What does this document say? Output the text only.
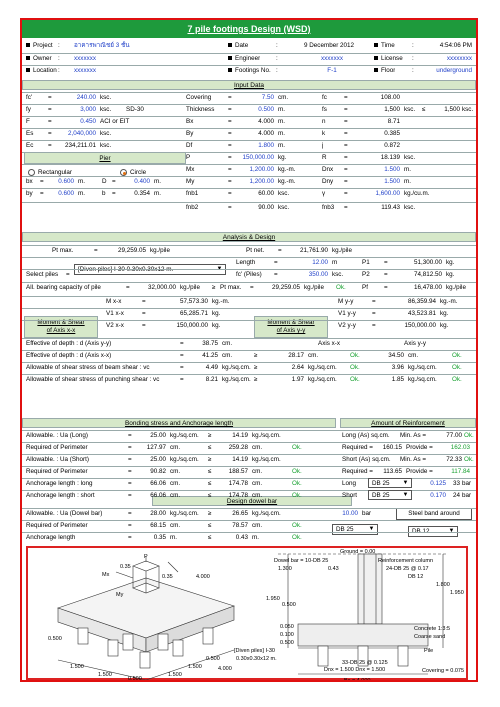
7 pile footings Design (WSD)
Project : อาคารพาณิชย์ 3 ชั้น	Date	:	9 December 2012	Time	:	4:54:06 PM
Owner : xxxxxxx	Engineer	:	xxxxxxx	License :	xxxxxxxx
Location : xxxxxxx	Footings No. :	F-1	Floor	:	underground
Input Data
Pier
Rectangular	Circle
Analysis & Design
[Diven piles] I-30 0.30x0.30x12 m.	▼
Moment & Shear
of Axis x-x
Moment & Shear
of Axis y-y
Bonding stress and Anchorage length	Amount of Reinforcement
Design dowel bar
DB 25	▼
Steel band around
DB 12	▼
Mx
My
P
0.35
0.35	4.000
4.000
1.500
1.500	1.500
1.500
0.500
0.500
0.500
Ground = 0.00
Dowel bar = 10-DB 25
0.43
Reinforcement column
24-DB 25 @ 0.17
DB 12
1.300
1.950
1.800
1.950
0.500
0.050
0.100
0.500
Concrete 1:3:5
Coarse sand
Pile
[Diven piles] I-30
0.30x0.30x12 m.
33-DB 25 @ 0.125
Dnx = 1.500 Dnx = 1.500	Covering = 0.075
Bx = 4.000
Allowable bearing capacity of pile =	32,000.00 kg./pile
fc'	=	240.00 ksc.	Covering	=	7.50 cm.	fc	=	108.00
fy	=	3,000 ksc.	SD-30	Thickness	=	0.500 m.	fs	=	1,500 ksc.	≤	1,500 ksc.
F	=	0.450 ACI or EIT	Bx	=	4.000 m.	n	=	8.71
Es	=	2,040,000 ksc.	By	=	4.000 m.	k	=	0.385
Ec	=	234,211.01 ksc.	Df	=	1.800 m.	j	=	0.872
P	=	150,000.00 kg.	R	=	18.139 ksc.
Mx	=	1,200.00 kg.-m.	Dnx	=	1.500 m.
bx	=	0.600 m.	D =	0.400 m.	My	=	1,200.00 kg.-m.	Dny	=	1.500 m.
by	=	0.600 m.	b	=	0.354 m.	fnb1	=	60.00 ksc.	γ	=	1,600.00 kg./cu.m.
fnb2	=	90.00 ksc.	fnb3	=	119.43 ksc.
Pt max.	=	29,259.05 kg./pile	Pt net.	=	21,761.90 kg./pile
Length	=	12.00 m	P1	=	51,300.00 kg.
Select piles	=	fc' (Piles)	=	350.00 ksc.	P2	=	74,812.50 kg.
All. bearing capacity of pile	=	32,000.00 kg./pile	≥ Pt max.	=	29,259.05 kg./pile Ok.	Pf	=	16,478.00 kg./pile
M x-x	=	57,573.30 kg.-m.	M y-y	=	86,359.94 kg.-m.
V1 x-x	=	65,285.71 kg.	V1 y-y	=	43,523.81 kg.
V2 x-x	=	150,000.00 kg.	V2 y-y	=	150,000.00 kg.
Effective of depth : d (Axis y-y)	=	38.75 cm.	Axis x-x	Axis y-y
Effective of depth : d (Axis x-x)	=	41.25 cm.	≥	28.17 cm.	Ok.	34.50 cm.	Ok.
Allowable of shear stress of beam shear : vc	=	4.49 kg./sq.cm. ≥	2.64 kg./sq.cm.	Ok.	3.96 kg./sq.cm.	Ok.
Allowable of shear stress of punching shear : vc	=	8.21 kg./sq.cm. ≥	1.97 kg./sq.cm.	Ok.	1.85 kg./sq.cm.	Ok.
Allowable. : Ua (Long)	=	25.00 kg./sq.cm.	≥	14.19 kg./sq.cm.	Long (As) sq.cm.	Min. As =	77.00 Ok.
Required of Perimeter	=	127.97 cm.	≤	259.28 cm.	Ok.	Required =	160.15 Provide =	162.03
Allowable. : Ua (Short)	=	25.00 kg./sq.cm.	≥	14.19 kg./sq.cm.	Short (As) sq.cm.	Min. As =	72.33 Ok.
Required of Perimeter	=	90.82 cm.	≤	188.57 cm.	Ok.	Required =	113.65 Provide =	117.84
Anchorage length : long	=	66.06 cm.	≤	174.78 cm.	Ok.	Long	0.125	33 bar
Anchorage length : short	=	66.06 cm.	≤	174.78 cm.	Ok.	Short	0.170	24 bar
Allowable. : Ua (Dowel bar)	=	28.00 kg./sq.cm.	≥	26.65 kg./sq.cm.	10.00 bar
Required of Perimeter	=	68.15 cm.	≤	78.57 cm.	Ok.
DB 25 ▼
DB 25 ▼
Anchorage length	=	0.35 m.	≤	0.43 m.	Ok.
